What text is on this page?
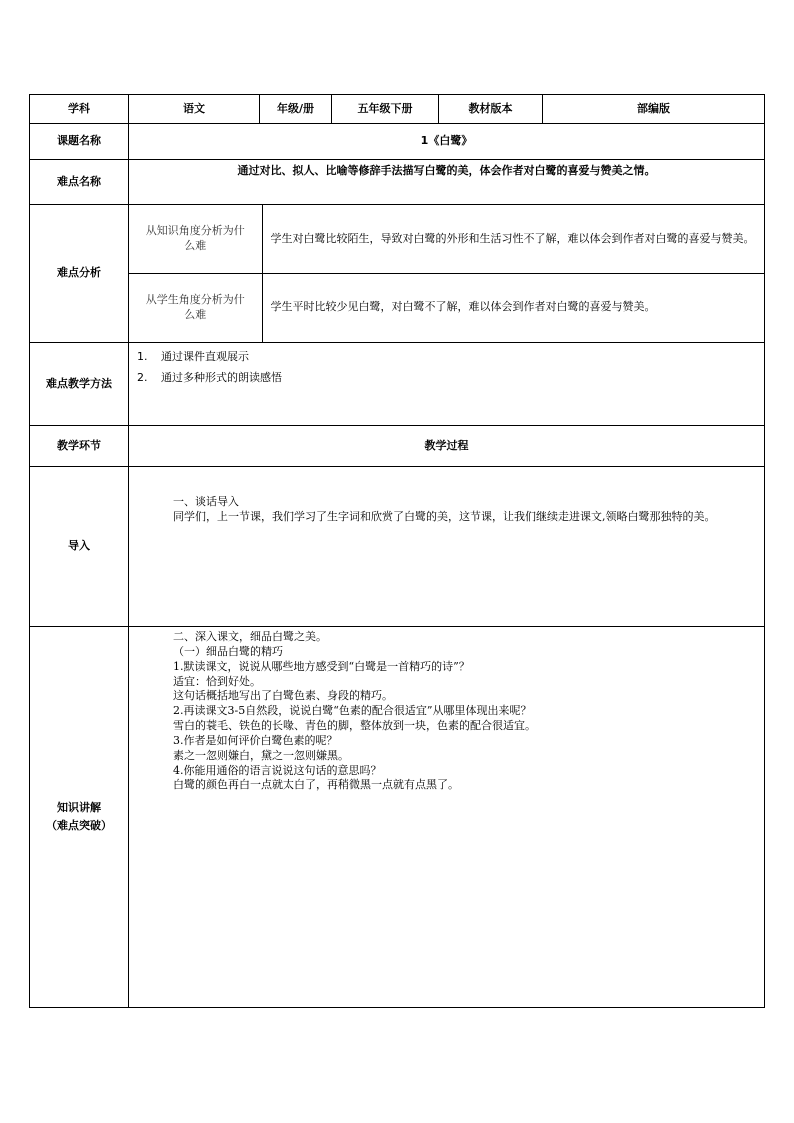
学科	语文	年级/册	五年级下册	教材版本	部编版
课题名称	1《白鹭》
难点名称	通过对比、拟人、比喻等修辞手法描写白鹭的美，体会作者对白鹭的喜爱与赞美之情。
难点分析	
从知识角度分析为什么难	学生对白鹭比较陌生，导致对白鹭的外形和生活习性不了解，难以体会到作者对白鹭的喜爱与赞美。
从学生角度分析为什么难	学生平时比较少见白鹭，对白鹭不了解，难以体会到作者对白鹭的喜爱与赞美。

难点教学方法	
1. 通过课件直观展示
2. 通过多种形式的朗读感悟

教学环节	教学过程
导入	

一、谈话导入

同学们，上一节课，我们学习了生字词和欣赏了白鹭的美，这节课，让我们继续走进课文,领略白鹭那独特的美。

知识讲解
（难点突破）

二、深入课文，细品白鹭之美。

（一）细品白鹭的精巧

1.默读课文，说说从哪些地方感受到“白鹭是一首精巧的诗”？

适宜：恰到好处。

这句话概括地写出了白鹭色素、身段的精巧。

2.再读课文3-5自然段，说说白鹭“色素的配合很适宜”从哪里体现出来呢？

雪白的蓑毛、铁色的长喙、青色的脚，整体放到一块，色素的配合很适宜。

3.作者是如何评价白鹭色素的呢？

素之一忽则嫌白，黛之一忽则嫌黑。

4.你能用通俗的语言说说这句话的意思吗？

白鹭的颜色再白一点就太白了，再稍微黑一点就有点黑了。
